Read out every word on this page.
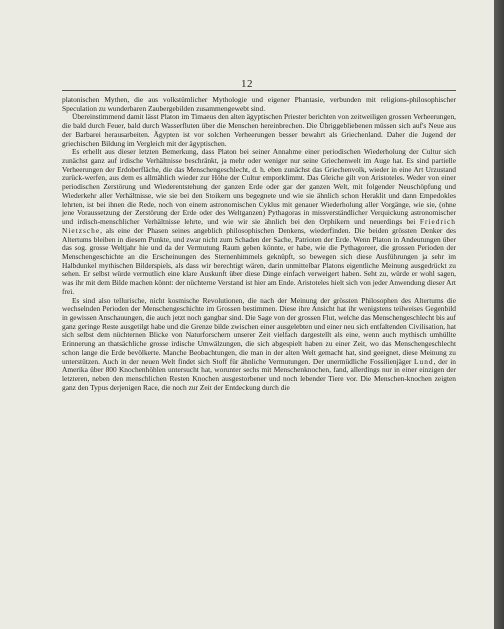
12

platonischen Mythen, die aus volkstümlicher Mythologie und eigener Phantasie, verbunden mit religions-philosophischer Speculation zu wunderbaren Zaubergebilden zusammengewebt sind.

Übereinstimmend damit lässt Platon im Timaeus den alten ägyptischen Priester berichten von zeitweiligen grossen Verheerungen, die bald durch Feuer, bald durch Wasserfluten über die Menschen hereinbrechen. Die Übriggebliebenen müssen sich auf's Neue aus der Barbarei herausarbeiten. Ägypten ist vor solchen Verheerungen besser bewahrt als Griechenland. Daher die Jugend der griechischen Bildung im Vergleich mit der ägyptischen.

Es erhellt aus dieser letzten Bemerkung, dass Platon bei seiner Annahme einer periodischen Wiederholung der Cultur sich zunächst ganz auf irdische Verhältnisse beschränkt, ja mehr oder weniger nur seine Griechenwelt im Auge hat. Es sind partielle Verheerungen der Erdoberfläche, die das Menschengeschlecht, d. h. eben zunächst das Griechenvolk, wieder in eine Art Urzustand zurück-werfen, aus dem es allmählich wieder zur Höhe der Cultur emporklimmt. Das Gleiche gilt von Aristoteles. Weder von einer periodischen Zerstörung und Wiederentstehung der ganzen Erde oder gar der ganzen Welt, mit folgender Neuschöpfung und Wiederkehr aller Verhältnisse, wie sie bei den Stoikern uns begegnete und wie sie ähnlich schon Heraklit und dann Empedokles lehrten, ist bei ihnen die Rede, noch von einem astronomischen Cyklus mit genauer Wiederholung aller Vorgänge, wie sie, (ohne jene Voraussetzung der Zerstörung der Erde oder des Weltganzen) Pythagoras in missverständlicher Verquickung astronomischer und irdisch-menschlicher Verhältnisse lehrte, und wie wir sie ähnlich bei den Orphikern und neuerdings bei Friedrich Nietzsche, als eine der Phasen seines angeblich philosophischen Denkens, wiederfinden. Die beiden grössten Denker des Altertums bleiben in diesem Punkte, und zwar nicht zum Schaden der Sache, Patrioten der Erde. Wenn Platon in Andeutungen über das sog. grosse Weltjahr hie und da der Vermutung Raum geben könnte, er habe, wie die Pythagoreer, die grossen Perioden der Menschengeschichte an die Erscheinungen des Sternenhimmels geknüpft, so bewegen sich diese Ausführungen ja sehr im Halbdunkel mythischen Bilderspiels, als dass wir berechtigt wären, darin unmittelbar Platons eigentliche Meinung ausgedrückt zu sehen. Er selbst würde vermutlich eine klare Auskunft über diese Dinge einfach verweigert haben. Seht zu, würde er wohl sagen, was ihr mit dem Bilde machen könnt: der nüchterne Verstand ist hier am Ende. Aristoteles hielt sich von jeder Anwendung dieser Art frei.

Es sind also tellurische, nicht kosmische Revolutionen, die nach der Meinung der grössten Philosophen des Altertums die wechselnden Perioden der Menschengeschichte im Grossen bestimmen. Diese ihre Ansicht hat ihr wenigstens teilweises Gegenbild in gewissen Anschauungen, die auch jetzt noch gangbar sind. Die Sage von der grossen Flut, welche das Menschengeschlecht bis auf ganz geringe Reste ausgetilgt habe und die Grenze bilde zwischen einer ausgelebten und einer neu sich entfaltenden Civilisation, hat sich selbst dem nüchternen Blicke von Naturforschern unserer Zeit vielfach dargestellt als eine, wenn auch mythisch umhüllte Erinnerung an thatsächliche grosse irdische Umwälzungen, die sich abgespielt haben zu einer Zeit, wo das Menschengeschlecht schon lange die Erde bevölkerte. Manche Beobachtungen, die man in der alten Welt gemacht hat, sind geeignet, diese Meinung zu unterstützen. Auch in der neuen Welt findet sich Stoff für ähnliche Vermutungen. Der unermüdliche Fossilienjäger Lund, der in Amerika über 800 Knochenhöhlen untersucht hat, worunter sechs mit Menschenknochen, fand, allerdings nur in einer einzigen der letzteren, neben den menschlichen Resten Knochen ausgestorbener und noch lebender Tiere vor. Die Menschen-knochen zeigten ganz den Typus derjenigen Race, die noch zur Zeit der Entdeckung durch die
